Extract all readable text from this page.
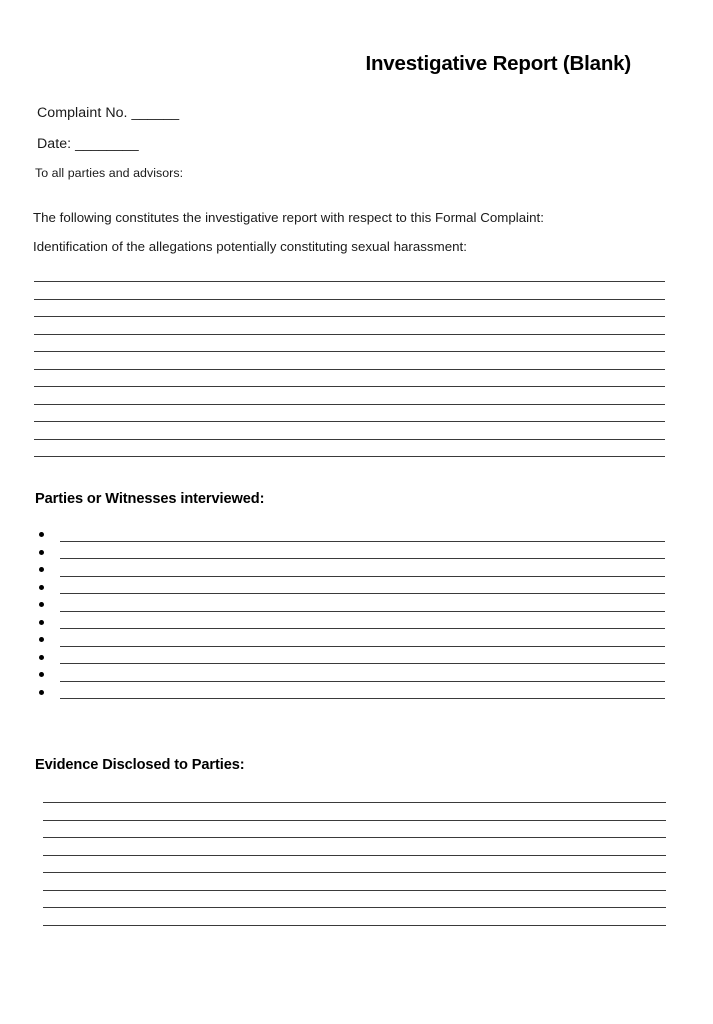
Investigative Report (Blank)
Complaint No. ______
Date: ________
To all parties and advisors:
The following constitutes the investigative report with respect to this Formal Complaint:
Identification of the allegations potentially constituting sexual harassment:
Parties or Witnesses interviewed:
Evidence Disclosed to Parties:
